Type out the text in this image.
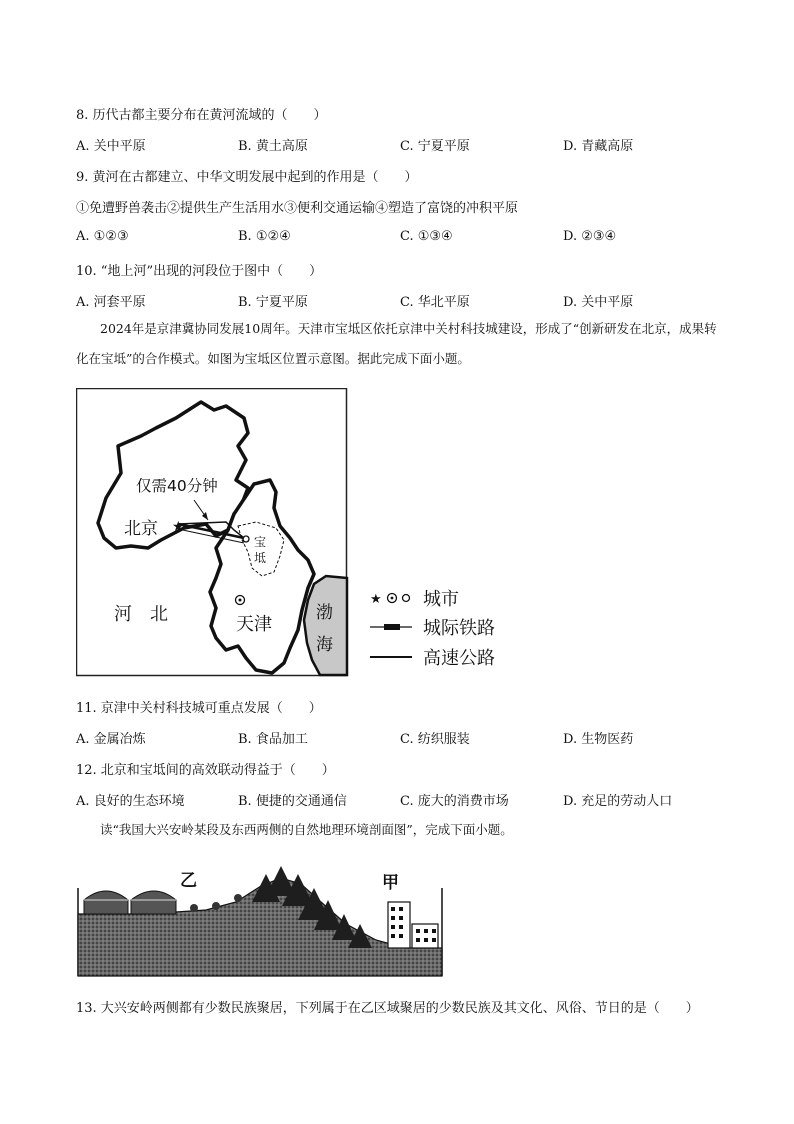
8. 历代古都主要分布在黄河流域的（　　）
A. 关中平原	B. 黄土高原	C. 宁夏平原	D. 青藏高原
9. 黄河在古都建立、中华文明发展中起到的作用是（　　）
①免遭野兽袭击②提供生产生活用水③便利交通运输④塑造了富饶的冲积平原
A. ①②③	B. ①②④	C. ①③④	D. ②③④
10. “地上河”出现的河段位于图中（　　）
A. 河套平原	B. 宁夏平原	C. 华北平原	D. 关中平原
2024年是京津冀协同发展10周年。天津市宝坻区依托京津中关村科技城建设，形成了“创新研发在北京，成果转化在宝坻”的合作模式。如图为宝坻区位置示意图。据此完成下面小题。
★
仅需40分钟
北京
宝
坻
河　北	天津
渤
海
★ 城市
城际铁路
高速公路
11. 京津中关村科技城可重点发展（　　）
A. 金属冶炼	B. 食品加工	C. 纺织服装	D. 生物医药
12. 北京和宝坻间的高效联动得益于（　　）
A. 良好的生态环境	B. 便捷的交通通信	C. 庞大的消费市场	D. 充足的劳动人口
读“我国大兴安岭某段及东西两侧的自然地理环境剖面图”，完成下面小题。
乙	甲
13. 大兴安岭两侧都有少数民族聚居，下列属于在乙区域聚居的少数民族及其文化、风俗、节日的是（　　）
